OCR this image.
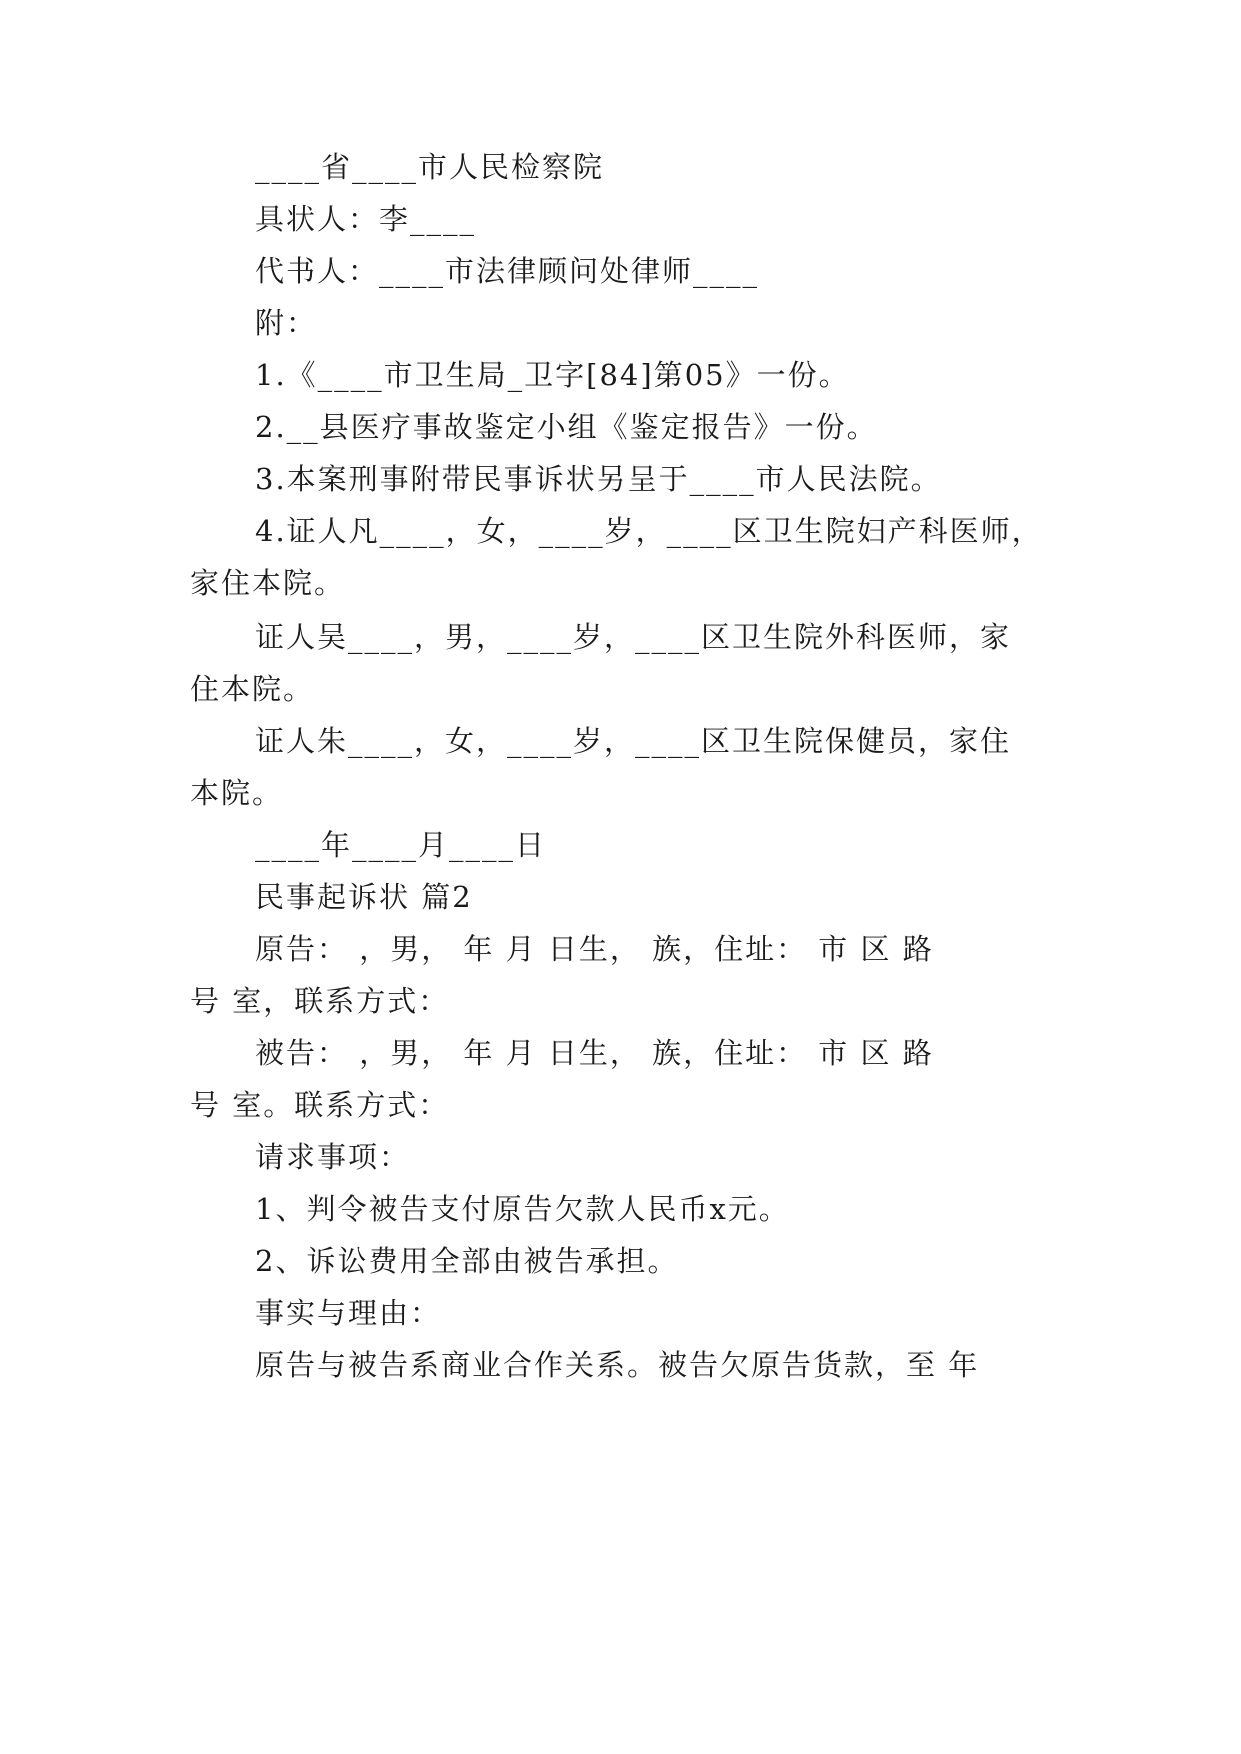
____省____市人民检察院
具状人：李____
代书人：____市法律顾问处律师____
附：
1.《____市卫生局_卫字[84]第05》一份。
2.__县医疗事故鉴定小组《鉴定报告》一份。
3.本案刑事附带民事诉状另呈于____市人民法院。
4.证人凡____，女，____岁，____区卫生院妇产科医师，
家住本院。
证人吴____，男，____岁，____区卫生院外科医师，家
住本院。
证人朱____，女，____岁，____区卫生院保健员，家住
本院。
____年____月____日
民事起诉状 篇2
原告： ，男， 年 月 日生， 族，住址： 市 区 路
号 室，联系方式：
被告： ，男， 年 月 日生， 族，住址： 市 区 路
号 室。联系方式：
请求事项：
1、判令被告支付原告欠款人民币x元。
2、诉讼费用全部由被告承担。
事实与理由：
原告与被告系商业合作关系。被告欠原告货款，至 年
